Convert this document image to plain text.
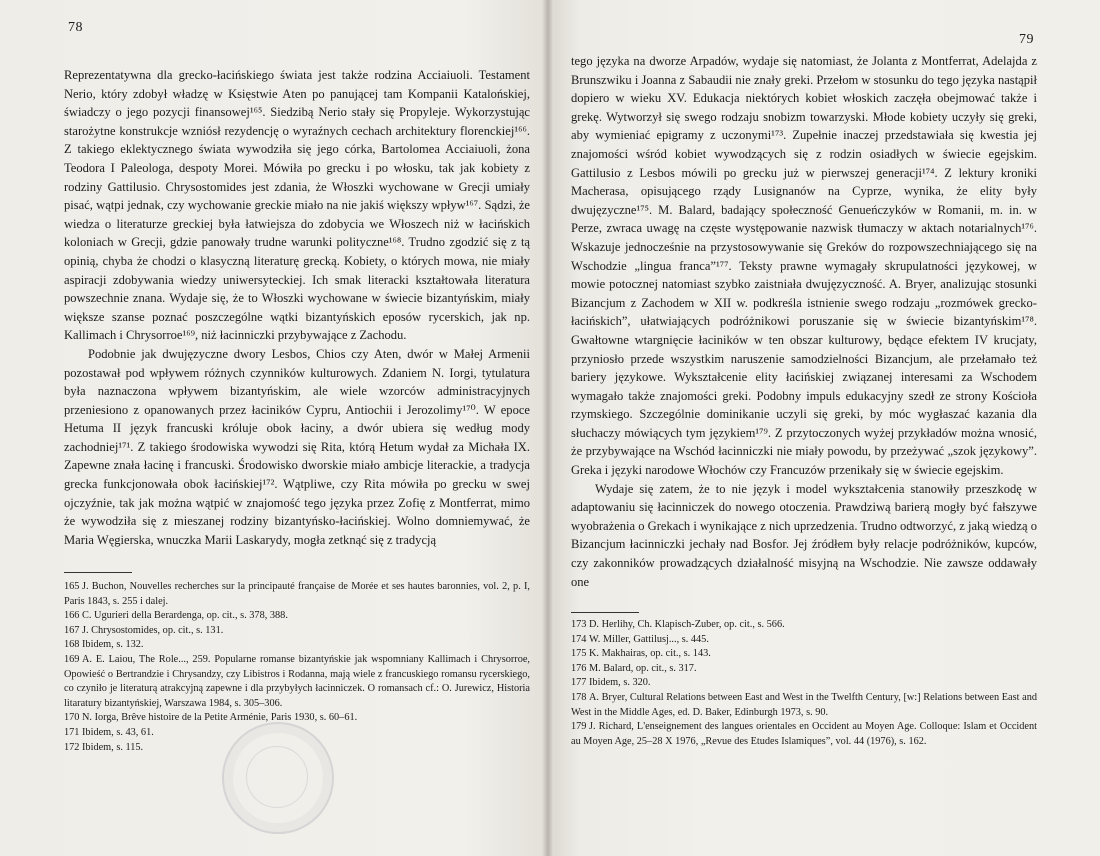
78

Reprezentatywna dla grecko-łacińskiego świata jest także rodzina Acciaiuoli. Testament Nerio, który zdobył władzę w Księstwie Aten po panującej tam Kompanii Katalońskiej, świadczy o jego pozycji finansowej¹⁶⁵. Siedzibą Nerio stały się Propyleje. Wykorzystując starożytne konstrukcje wzniósł rezydencję o wyraźnych cechach architektury florenckiej¹⁶⁶. Z takiego eklektycznego świata wywodziła się jego córka, Bartolomea Acciaiuoli, żona Teodora I Paleologa, despoty Morei. Mówiła po grecku i po włosku, tak jak kobiety z rodziny Gattilusio. Chrysostomides jest zdania, że Włoszki wychowane w Grecji umiały pisać, wątpi jednak, czy wychowanie greckie miało na nie jakiś większy wpływ¹⁶⁷. Sądzi, że wiedza o literaturze greckiej była łatwiejsza do zdobycia we Włoszech niż w łacińskich koloniach w Grecji, gdzie panowały trudne warunki polityczne¹⁶⁸. Trudno zgodzić się z tą opinią, chyba że chodzi o klasyczną literaturę grecką. Kobiety, o których mowa, nie miały aspiracji zdobywania wiedzy uniwersyteckiej. Ich smak literacki kształtowała literatura powszechnie znana. Wydaje się, że to Włoszki wychowane w świecie bizantyńskim, miały większe szanse poznać poszczególne wątki bizantyńskich eposów rycerskich, jak np. Kallimach i Chrysorroe¹⁶⁹, niż łacinniczki przybywające z Zachodu.

Podobnie jak dwujęzyczne dwory Lesbos, Chios czy Aten, dwór w Małej Armenii pozostawał pod wpływem różnych czynników kulturowych. Zdaniem N. Iorgi, tytulatura była naznaczona wpływem bizantyńskim, ale wiele wzorców administracyjnych przeniesiono z opanowanych przez łaciników Cypru, Antiochii i Jerozolimy¹⁷⁰. W epoce Hetuma II język francuski króluje obok łaciny, a dwór ubiera się według mody zachodniej¹⁷¹. Z takiego środowiska wywodzi się Rita, którą Hetum wydał za Michała IX. Zapewne znała łacinę i francuski. Środowisko dworskie miało ambicje literackie, a tradycja grecka funkcjonowała obok łacińskiej¹⁷². Wątpliwe, czy Rita mówiła po grecku w swej ojczyźnie, tak jak można wątpić w znajomość tego języka przez Zofię z Montferrat, mimo że wywodziła się z mieszanej rodziny bizantyńsko-łacińskiej. Wolno domniemywać, że Maria Węgierska, wnuczka Marii Laskarydy, mogła zetknąć się z tradycją

165 J. Buchon, Nouvelles recherches sur la principauté française de Morée et ses hautes baronnies, vol. 2, p. I, Paris 1843, s. 255 i dalej.

166 C. Ugurieri della Berardenga, op. cit., s. 378, 388.

167 J. Chrysostomides, op. cit., s. 131.

168 Ibidem, s. 132.

169 A. E. Laiou, The Role..., 259. Popularne romanse bizantyńskie jak wspomniany Kallimach i Chrysorroe, Opowieść o Bertrandzie i Chrysandzy, czy Libistros i Rodanna, mają wiele z francuskiego romansu rycerskiego, co czyniło je literaturą atrakcyjną zapewne i dla przybyłych łacinniczek. O romansach cf.: O. Jurewicz, Historia litaratury bizantyńskiej, Warszawa 1984, s. 305–306.

170 N. Iorga, Brêve histoire de la Petite Arménie, Paris 1930, s. 60–61.

171 Ibidem, s. 43, 61.

172 Ibidem, s. 115.

79

tego języka na dworze Arpadów, wydaje się natomiast, że Jolanta z Montferrat, Adelajda z Brunszwiku i Joanna z Sabaudii nie znały greki. Przełom w stosunku do tego języka nastąpił dopiero w wieku XV. Edukacja niektórych kobiet włoskich zaczęła obejmować także i grekę. Wytworzył się swego rodzaju snobizm towarzyski. Młode kobiety uczyły się greki, aby wymieniać epigramy z uczonymi¹⁷³. Zupełnie inaczej przedstawiała się kwestia jej znajomości wśród kobiet wywodzących się z rodzin osiadłych w świecie egejskim. Gattilusio z Lesbos mówili po grecku już w pierwszej generacji¹⁷⁴. Z lektury kroniki Macherasa, opisującego rządy Lusignanów na Cyprze, wynika, że elity były dwujęzyczne¹⁷⁵. M. Balard, badający społeczność Genueńczyków w Romanii, m. in. w Perze, zwraca uwagę na częste występowanie nazwisk tłumaczy w aktach notarialnych¹⁷⁶. Wskazuje jednocześnie na przystosowywanie się Greków do rozpowszechniającego się na Wschodzie „lingua franca”¹⁷⁷. Teksty prawne wymagały skrupulatności językowej, w mowie potocznej natomiast szybko zaistniała dwujęzyczność. A. Bryer, analizując stosunki Bizancjum z Zachodem w XII w. podkreśla istnienie swego rodzaju „rozmówek grecko-łacińskich”, ułatwiających podróżnikowi poruszanie się w świecie bizantyńskim¹⁷⁸. Gwałtowne wtargnięcie łaciników w ten obszar kulturowy, będące efektem IV krucjaty, przyniosło przede wszystkim naruszenie samodzielności Bizancjum, ale przełamało też bariery językowe. Wykształcenie elity łacińskiej związanej interesami za Wschodem wymagało także znajomości greki. Podobny impuls edukacyjny szedł ze strony Kościoła rzymskiego. Szczególnie dominikanie uczyli się greki, by móc wygłaszać kazania dla słuchaczy mówiących tym językiem¹⁷⁹. Z przytoczonych wyżej przykładów można wnosić, że przybywające na Wschód łacinniczki nie miały powodu, by przeżywać „szok językowy”. Greka i języki narodowe Włochów czy Francuzów przenikały się w świecie egejskim.

Wydaje się zatem, że to nie język i model wykształcenia stanowiły przeszkodę w adaptowaniu się łacinniczek do nowego otoczenia. Prawdziwą barierą mogły być fałszywe wyobrażenia o Grekach i wynikające z nich uprzedzenia. Trudno odtworzyć, z jaką wiedzą o Bizancjum łacinniczki jechały nad Bosfor. Jej źródłem były relacje podróżników, kupców, czy zakonników prowadzących działalność misyjną na Wschodzie. Nie zawsze oddawały one

173 D. Herlihy, Ch. Klapisch-Zuber, op. cit., s. 566.

174 W. Miller, Gattilusj..., s. 445.

175 K. Makhairas, op. cit., s. 143.

176 M. Balard, op. cit., s. 317.

177 Ibidem, s. 320.

178 A. Bryer, Cultural Relations between East and West in the Twelfth Century, [w:] Relations between East and West in the Middle Ages, ed. D. Baker, Edinburgh 1973, s. 90.

179 J. Richard, L'enseignement des langues orientales en Occident au Moyen Age. Colloque: Islam et Occident au Moyen Age, 25–28 X 1976, „Revue des Etudes Islamiques”, vol. 44 (1976), s. 162.
